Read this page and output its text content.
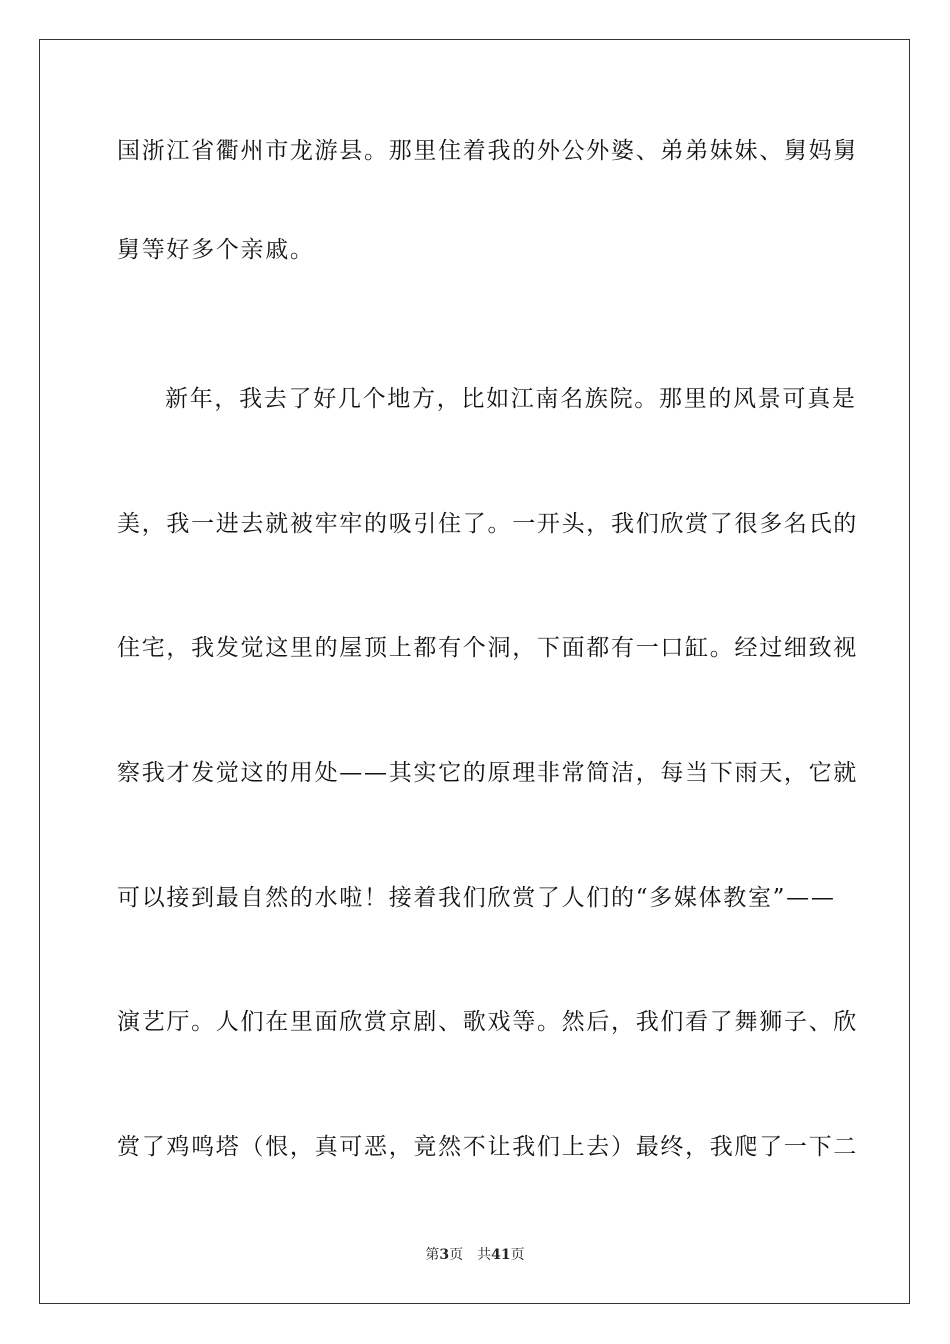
国浙江省衢州市龙游县。那里住着我的外公外婆、弟弟妹妹、舅妈舅
舅等好多个亲戚。
新年，我去了好几个地方，比如江南名族院。那里的风景可真是
美，我一进去就被牢牢的吸引住了。一开头，我们欣赏了很多名氏的
住宅，我发觉这里的屋顶上都有个洞，下面都有一口缸。经过细致视
察我才发觉这的用处——其实它的原理非常简洁，每当下雨天，它就
可以接到最自然的水啦！接着我们欣赏了人们的“多媒体教室”——
演艺厅。人们在里面欣赏京剧、歌戏等。然后，我们看了舞狮子、欣
赏了鸡鸣塔（恨，真可恶，竟然不让我们上去）最终，我爬了一下二
第3页 共41页
